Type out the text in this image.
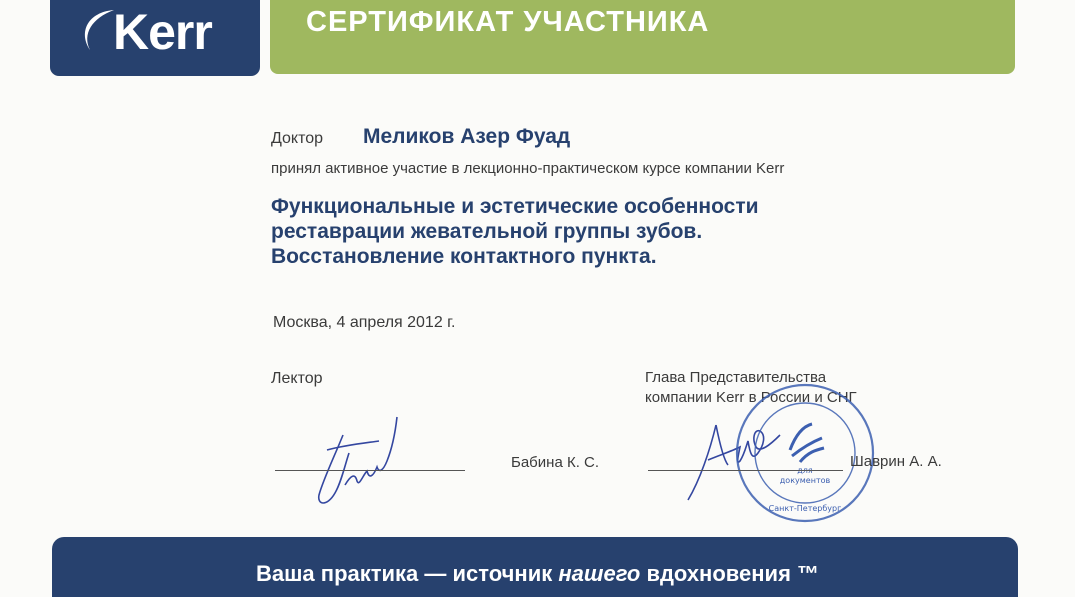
Kerr	СЕРТИФИКАТ УЧАСТНИКА
Доктор Меликов Азер Фуад
принял активное участие в лекционно-практическом курсе компании Kerr
Функциональные и эстетические особенности
реставрации жевательной группы зубов.
Восстановление контактного пункта.
Москва, 4 апреля 2012 г.
Лектор	Глава Представительства
компании Kerr в России и СНГ
документов
Санкт-Петербург
Бабина К. С.	Шаврин А. А.
Ваша практика — источник нашего вдохновения ™
